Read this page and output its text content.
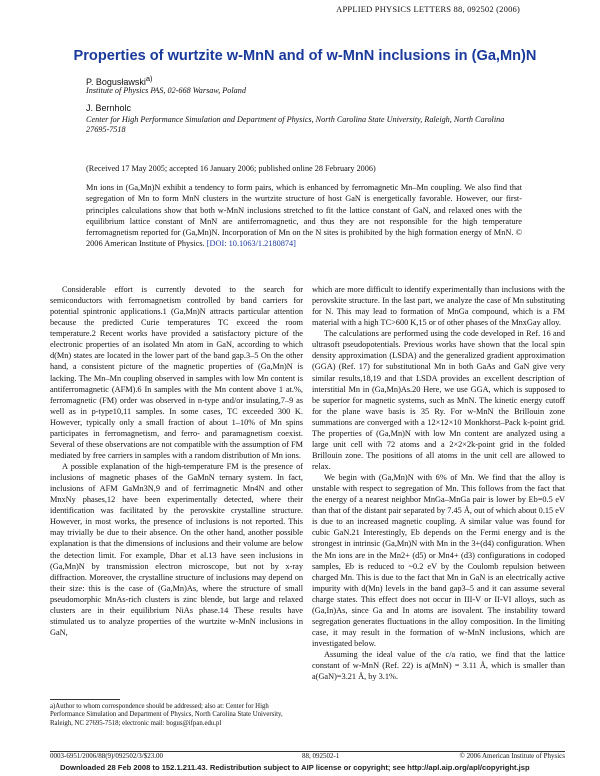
APPLIED PHYSICS LETTERS 88, 092502 (2006)
Properties of wurtzite w-MnN and of w-MnN inclusions in (Ga,Mn)N
P. Bogusławski$^{a)}$
Institute of Physics PAS, 02-668 Warsaw, Poland
J. Bernholc
Center for High Performance Simulation and Department of Physics, North Carolina State University, Raleigh, North Carolina 27695-7518
(Received 17 May 2005; accepted 16 January 2006; published online 28 February 2006)
Mn ions in (Ga,Mn)N exhibit a tendency to form pairs, which is enhanced by ferromagnetic Mn–Mn coupling. We also find that segregation of Mn to form MnN clusters in the wurtzite structure of host GaN is energetically favorable. However, our first-principles calculations show that both w-MnN inclusions stretched to fit the lattice constant of GaN, and relaxed ones with the equilibrium lattice constant of MnN are antiferromagnetic, and thus they are not responsible for the high temperature ferromagnetism reported for (Ga,Mn)N. Incorporation of Mn on the N sites is prohibited by the high formation energy of MnN. © 2006 American Institute of Physics. [DOI: 10.1063/1.2180874]

Considerable effort is currently devoted to the search for semiconductors with ferromagnetism controlled by band carriers for potential spintronic applications.1 (Ga,Mn)N attracts particular attention because the predicted Curie temperatures TC exceed the room temperature.2 Recent works have provided a satisfactory picture of the electronic properties of an isolated Mn atom in GaN, according to which d(Mn) states are located in the lower part of the band gap.3–5 On the other hand, a consistent picture of the magnetic properties of (Ga,Mn)N is lacking. The Mn–Mn coupling observed in samples with low Mn content is antiferromagnetic (AFM).6 In samples with the Mn content above 1 at.%, ferromagnetic (FM) order was observed in n-type and/or insulating,7–9 as well as in p-type10,11 samples. In some cases, TC exceeded 300 K. However, typically only a small fraction of about 1–10% of Mn spins participates in ferromagnetism, and ferro- and paramagnetism coexist. Several of these observations are not compatible with the assumption of FM mediated by free carriers in samples with a random distribution of Mn ions.

A possible explanation of the high-temperature FM is the presence of inclusions of magnetic phases of the GaMnN ternary system. In fact, inclusions of AFM GaMn3N,9 and of ferrimagnetic Mn4N and other MnxNy phases,12 have been experimentally detected, where their identification was facilitated by the perovskite crystalline structure. However, in most works, the presence of inclusions is not reported. This may trivially be due to their absence. On the other hand, another possible explanation is that the dimensions of inclusions and their volume are below the detection limit. For example, Dhar et al.13 have seen inclusions in (Ga,Mn)N by transmission electron microscope, but not by x-ray diffraction. Moreover, the crystalline structure of inclusions may depend on their size: this is the case of (Ga,Mn)As, where the structure of small pseudomorphic MnAs-rich clusters is zinc blende, but large and relaxed clusters are in their equilibrium NiAs phase.14 These results have stimulated us to analyze properties of the wurtzite w-MnN inclusions in GaN,

which are more difficult to identify experimentally than inclusions with the perovskite structure. In the last part, we analyze the case of Mn substituting for N. This may lead to formation of MnGa compound, which is a FM material with a high TC>600 K,15 or of other phases of the MnxGay alloy.

The calculations are performed using the code developed in Ref. 16 and ultrasoft pseudopotentials. Previous works have shown that the local spin density approximation (LSDA) and the generalized gradient approximation (GGA) (Ref. 17) for substitutional Mn in both GaAs and GaN give very similar results,18,19 and that LSDA provides an excellent description of interstitial Mn in (Ga,Mn)As.20 Here, we use GGA, which is supposed to be superior for magnetic systems, such as MnN. The kinetic energy cutoff for the plane wave basis is 35 Ry. For w-MnN the Brillouin zone summations are converged with a 12×12×10 Monkhorst–Pack k-point grid. The properties of (Ga,Mn)N with low Mn content are analyzed using a large unit cell with 72 atoms and a 2×2×2k-point grid in the folded Brillouin zone. The positions of all atoms in the unit cell are allowed to relax.

We begin with (Ga,Mn)N with 6% of Mn. We find that the alloy is unstable with respect to segregation of Mn. This follows from the fact that the energy of a nearest neighbor MnGa–MnGa pair is lower by Eb=0.5 eV than that of the distant pair separated by 7.45 Å, out of which about 0.15 eV is due to an increased magnetic coupling. A similar value was found for cubic GaN.21 Interestingly, Eb depends on the Fermi energy and is the strongest in intrinsic (Ga,Mn)N with Mn in the 3+(d4) configuration. When the Mn ions are in the Mn2+ (d5) or Mn4+ (d3) configurations in codoped samples, Eb is reduced to ~0.2 eV by the Coulomb repulsion between charged Mn. This is due to the fact that Mn in GaN is an electrically active impurity with d(Mn) levels in the band gap3–5 and it can assume several charge states. This effect does not occur in III-V or II-VI alloys, such as (Ga,In)As, since Ga and In atoms are isovalent. The instability toward segregation generates fluctuations in the alloy composition. In the limiting case, it may result in the formation of w-MnN inclusions, which are investigated below.

Assuming the ideal value of the c/a ratio, we find that the lattice constant of w-MnN (Ref. 22) is a(MnN) = 3.11 Å, which is smaller than a(GaN)=3.21 Å, by 3.1%.

a)Author to whom correspondence should be addressed; also at: Center for High Performance Simulation and Department of Physics, North Carolina State University, Raleigh, NC 27695-7518; electronic mail: bogus@ifpan.edu.pl
0003-6951/2006/88(9)/092502/3/$23.00	88, 092502-1	© 2006 American Institute of Physics
Downloaded 28 Feb 2008 to 152.1.211.43. Redistribution subject to AIP license or copyright; see http://apl.aip.org/apl/copyright.jsp
